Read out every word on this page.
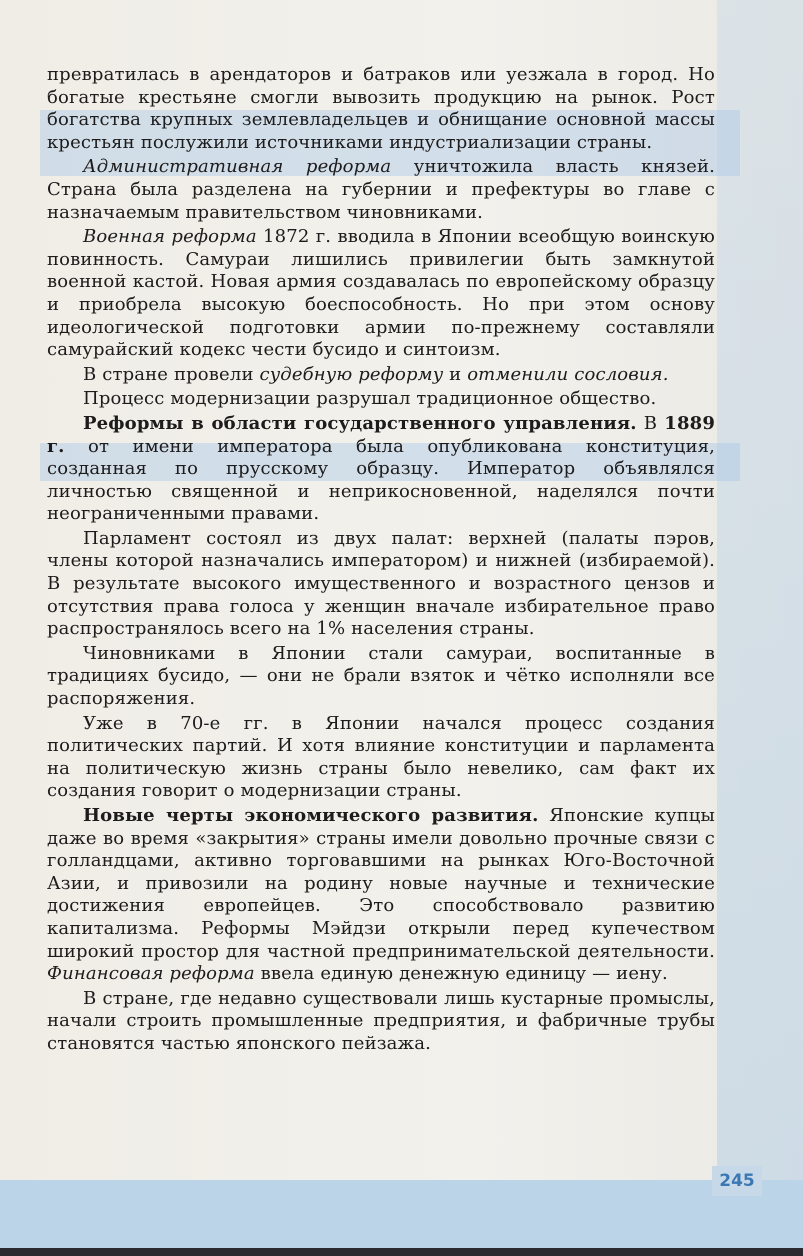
превратилась в арендаторов и батраков или уезжала в город. Но богатые крестьяне смогли вывозить продукцию на рынок. Рост богатства крупных землевладельцев и обнищание основной массы крестьян послужили источниками индустриализации страны.

Административная реформа уничтожила власть князей. Страна была разделена на губернии и префектуры во главе с назначаемым правительством чиновниками.

Военная реформа 1872 г. вводила в Японии всеобщую воинскую повинность. Самураи лишились привилегии быть замкнутой военной кастой. Новая армия создавалась по европейскому образцу и приобрела высокую боеспособность. Но при этом основу идеологической подготовки армии по-прежнему составляли самурайский кодекс чести бусидо и синтоизм.

В стране провели судебную реформу и отменили сословия.

Процесс модернизации разрушал традиционное общество.

Реформы в области государственного управления. В 1889 г. от имени императора была опубликована конституция, созданная по прусскому образцу. Император объявлялся личностью священной и неприкосновенной, наделялся почти неограниченными правами.

Парламент состоял из двух палат: верхней (палаты пэров, члены которой назначались императором) и нижней (избираемой). В результате высокого имущественного и возрастного цензов и отсутствия права голоса у женщин вначале избирательное право распространялось всего на 1% населения страны.

Чиновниками в Японии стали самураи, воспитанные в традициях бусидо, — они не брали взяток и чётко исполняли все распоряжения.

Уже в 70-е гг. в Японии начался процесс создания политических партий. И хотя влияние конституции и парламента на политическую жизнь страны было невелико, сам факт их создания говорит о модернизации страны.

Новые черты экономического развития. Японские купцы даже во время «закрытия» страны имели довольно прочные связи с голландцами, активно торговавшими на рынках Юго-Восточной Азии, и привозили на родину новые научные и технические достижения европейцев. Это способствовало развитию капитализма. Реформы Мэйдзи открыли перед купечеством широкий простор для частной предпринимательской деятельности. Финансовая реформа ввела единую денежную единицу — иену.

В стране, где недавно существовали лишь кустарные промыслы, начали строить промышленные предприятия, и фабричные трубы становятся частью японского пейзажа.

245
